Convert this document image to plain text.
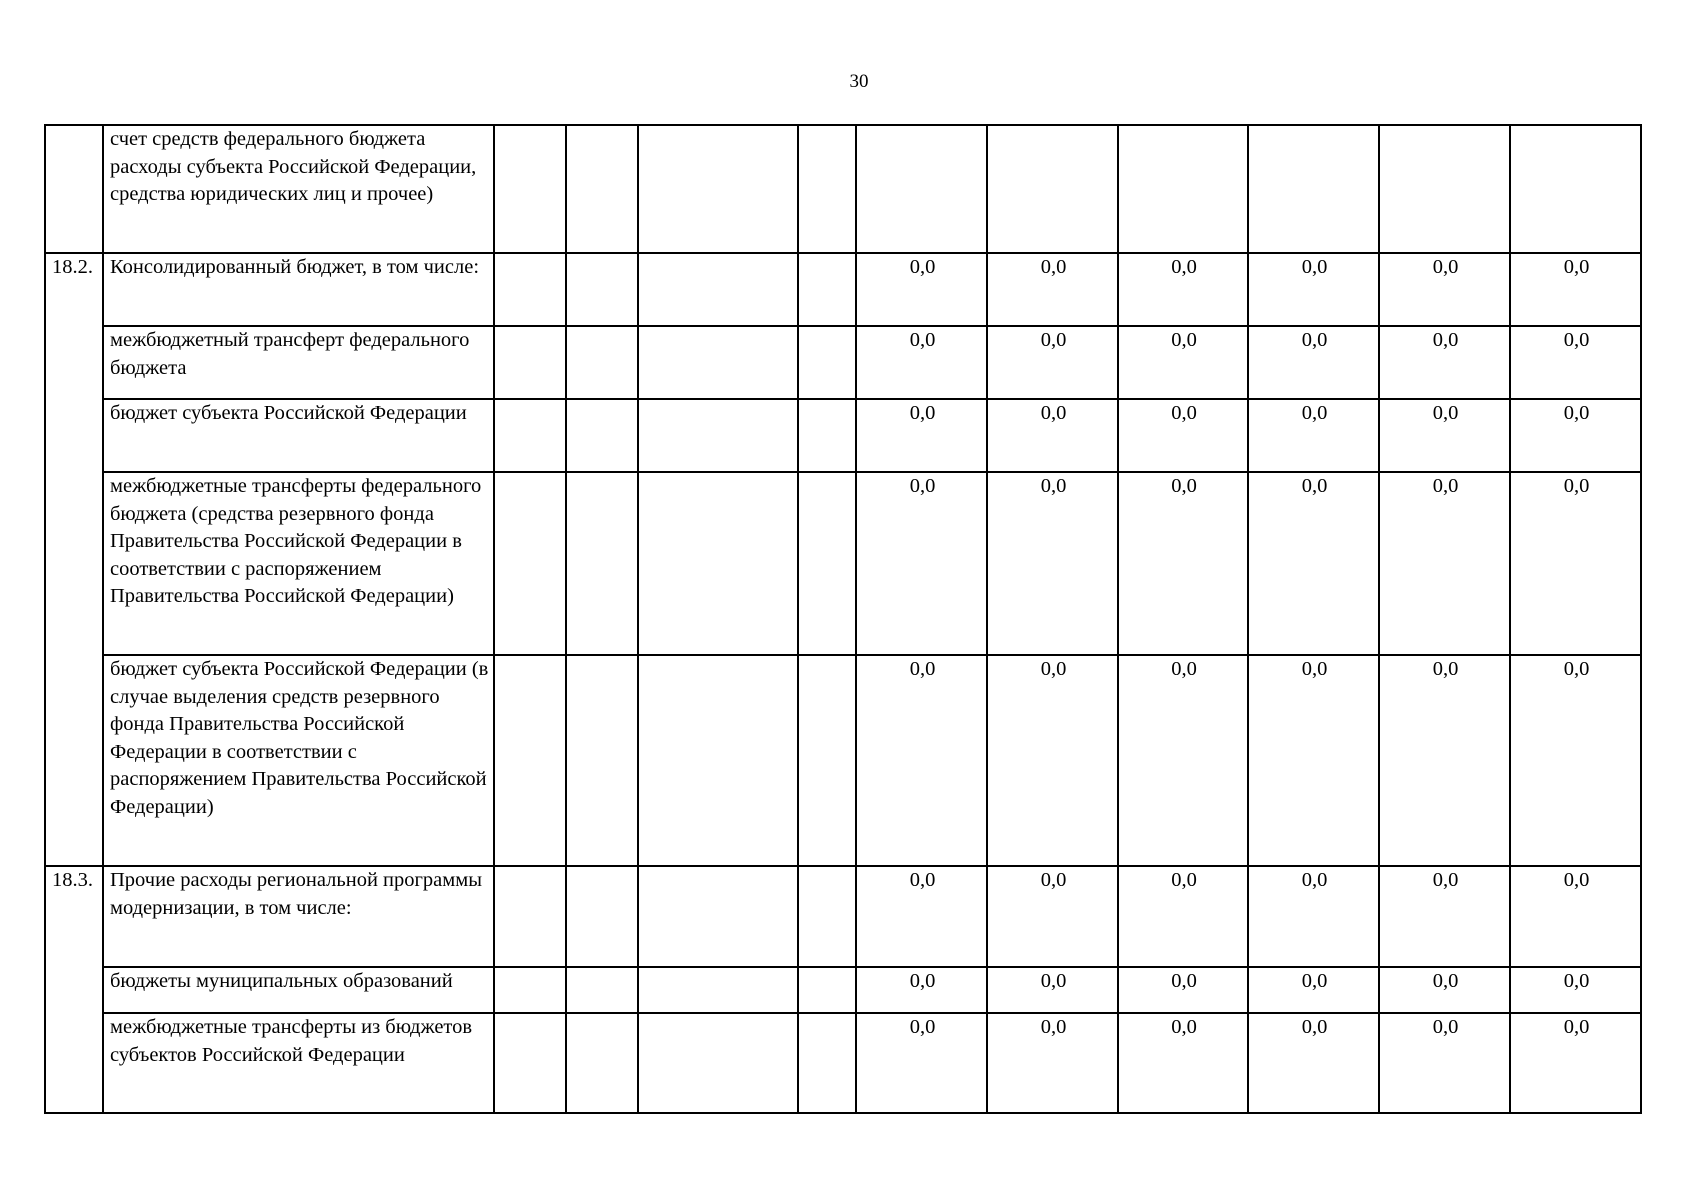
30
	счет средств федерального бюджета расходы субъекта Российской Федерации, средства юридических лиц и прочее)										
18.2.	Консолидированный бюджет, в том числе:					0,0	0,0	0,0	0,0	0,0	0,0
	межбюджетный трансферт федерального бюджета					0,0	0,0	0,0	0,0	0,0	0,0
	бюджет субъекта Российской Федерации					0,0	0,0	0,0	0,0	0,0	0,0
	межбюджетные трансферты федерального бюджета (средства резервного фонда Правительства Российской Федерации в соответствии с распоряжением Правительства Российской Федерации)					0,0	0,0	0,0	0,0	0,0	0,0
	бюджет субъекта Российской Федерации (в случае выделения средств резервного фонда Правительства Российской Федерации в соответствии с распоряжением Правительства Российской Федерации)					0,0	0,0	0,0	0,0	0,0	0,0
18.3.	Прочие расходы региональной программы модернизации, в том числе:					0,0	0,0	0,0	0,0	0,0	0,0
	бюджеты муниципальных образований					0,0	0,0	0,0	0,0	0,0	0,0
	межбюджетные трансферты из бюджетов субъектов Российской Федерации					0,0	0,0	0,0	0,0	0,0	0,0
